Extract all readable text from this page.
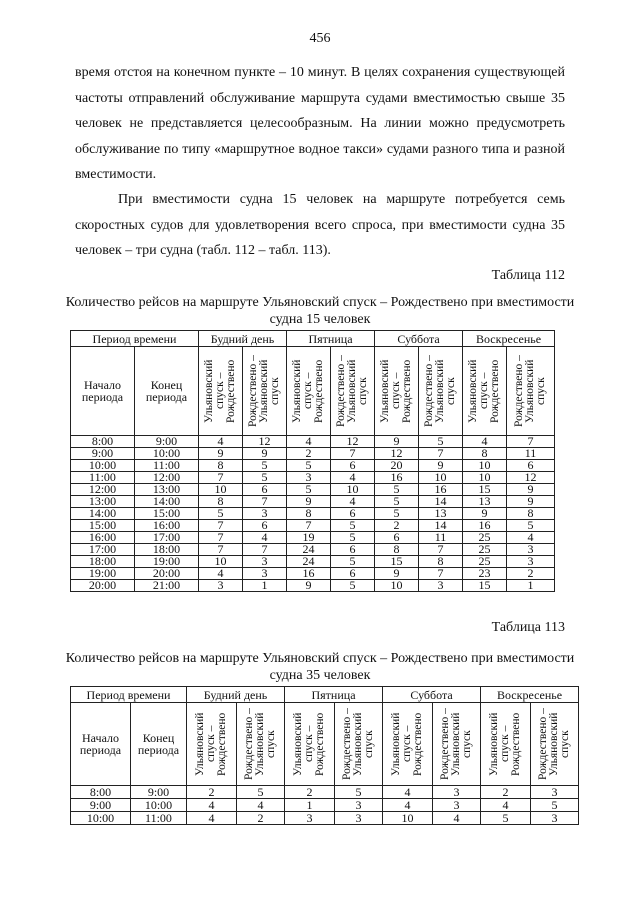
456

время отстоя на конечном пункте – 10 минут. В целях сохранения существующей частоты отправлений обслуживание маршрута судами вместимостью свыше 35 человек не представляется целесообразным. На линии можно предусмотреть обслуживание по типу «маршрутное водное такси» судами разного типа и разной вместимости.

При вместимости судна 15 человек на маршруте потребуется семь скоростных судов для удовлетворения всего спроса, при вместимости судна 35 человек – три судна (табл. 112 – табл. 113).

Таблица 112

Количество рейсов на маршруте Ульяновский спуск – Рождествено при вместимости судна 15 человек

Период времени		Будний день		Пятница		Суббота		Воскресенье	
Начало периода	Конец периода	Ульяновский спуск – Рождествено	Рождествено – Ульяновский спуск	Ульяновский спуск – Рождествено	Рождествено – Ульяновский спуск	Ульяновский спуск – Рождествено	Рождествено – Ульяновский спуск	Ульяновский спуск – Рождествено	Рождествено – Ульяновский спуск

8:00	9:00	4	12	4	12	9	5	4	7
9:00	10:00	9	9	2	7	12	7	8	11
10:00	11:00	8	5	5	6	20	9	10	6
11:00	12:00	7	5	3	4	16	10	10	12
12:00	13:00	10	6	5	10	5	16	15	9
13:00	14:00	8	7	9	4	5	14	13	9
14:00	15:00	5	3	8	6	5	13	9	8
15:00	16:00	7	6	7	5	2	14	16	5
16:00	17:00	7	4	19	5	6	11	25	4
17:00	18:00	7	7	24	6	8	7	25	3
18:00	19:00	10	3	24	5	15	8	25	3
19:00	20:00	4	3	16	6	9	7	23	2
20:00	21:00	3	1	9	5	10	3	15	1
Таблица 113

Количество рейсов на маршруте Ульяновский спуск – Рождествено при вместимости судна 35 человек

Период времени		Будний день		Пятница		Суббота		Воскресенье	
Начало периода	Конец периода	Ульяновский спуск – Рождествено	Рождествено – Ульяновский спуск	Ульяновский спуск – Рождествено	Рождествено – Ульяновский спуск	Ульяновский спуск – Рождествено	Рождествено – Ульяновский спуск	Ульяновский спуск – Рождествено	Рождествено – Ульяновский спуск

8:00	9:00	2	5	2	5	4	3	2	3
9:00	10:00	4	4	1	3	4	3	4	5
10:00	11:00	4	2	3	3	10	4	5	3
